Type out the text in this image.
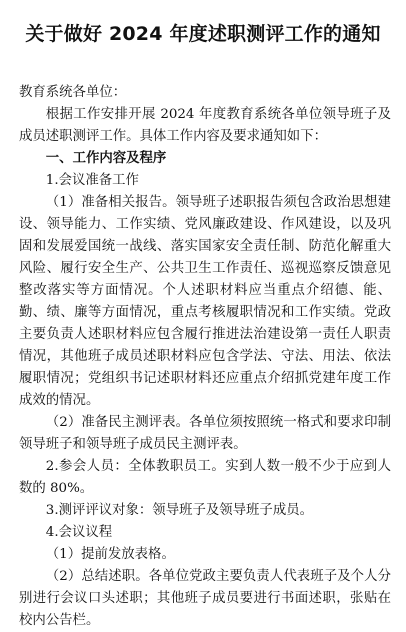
关于做好 2024 年度述职测评工作的通知

教育系统各单位：

根据工作安排开展 2024 年度教育系统各单位领导班子及成员述职测评工作。具体工作内容及要求通知如下：

一、工作内容及程序

1.会议准备工作

（1）准备相关报告。领导班子述职报告须包含政治思想建设、领导能力、工作实绩、党风廉政建设、作风建设，以及巩固和发展爱国统一战线、落实国家安全责任制、防范化解重大风险、履行安全生产、公共卫生工作责任、巡视巡察反馈意见整改落实等方面情况。个人述职材料应当重点介绍德、能、勤、绩、廉等方面情况，重点考核履职情况和工作实绩。党政主要负责人述职材料应包含履行推进法治建设第一责任人职责情况，其他班子成员述职材料应包含学法、守法、用法、依法履职情况；党组织书记述职材料还应重点介绍抓党建年度工作成效的情况。

（2）准备民主测评表。各单位须按照统一格式和要求印制领导班子和领导班子成员民主测评表。

2.参会人员：全体教职员工。实到人数一般不少于应到人数的 80%。

3.测评评议对象：领导班子及领导班子成员。

4.会议议程

（1）提前发放表格。

（2）总结述职。各单位党政主要负责人代表班子及个人分别进行会议口头述职；其他班子成员要进行书面述职，张贴在校内公告栏。
